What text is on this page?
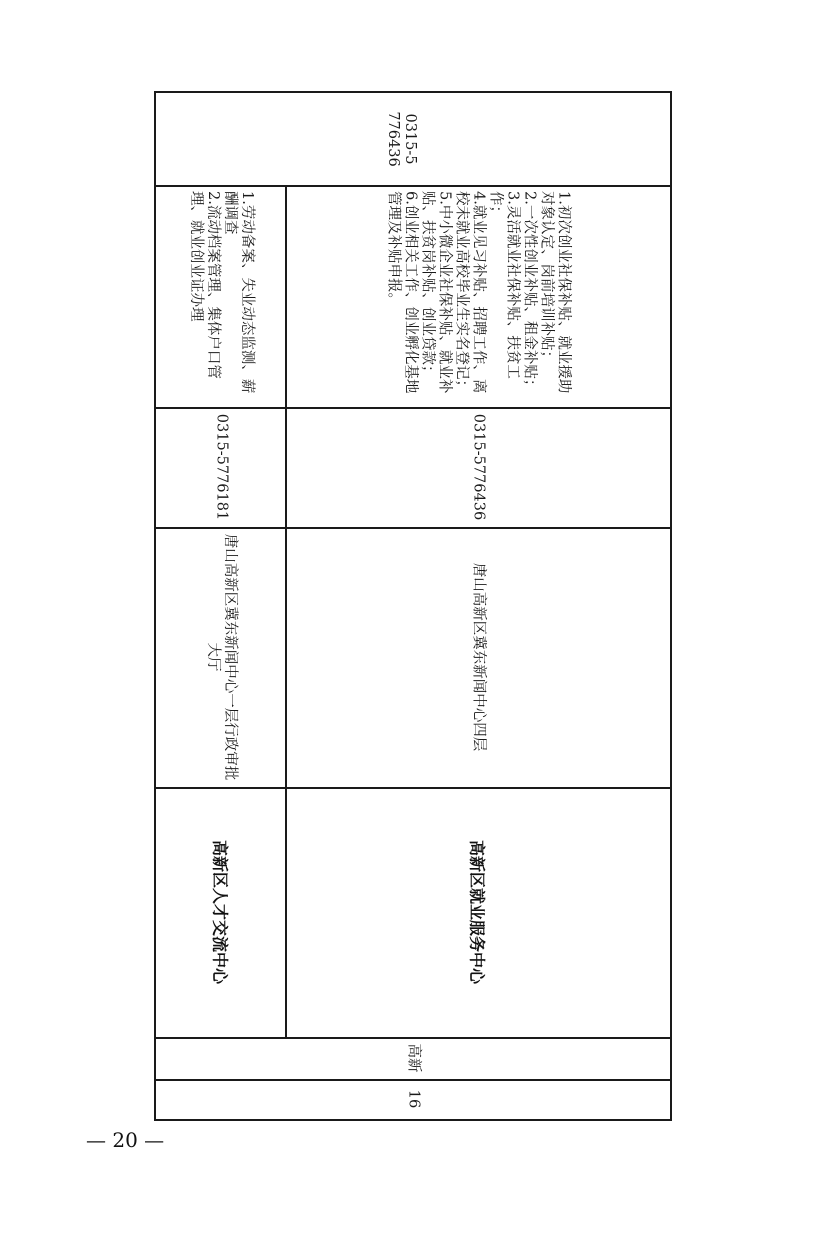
0315-5776436
1.劳动备案、失业动态监测、薪酬调查
2.流动档案管理、集体户口管理、就业创业证办理	1.初次创业社保补贴、就业援助对象认定、岗前培训补贴；
2.一次性创业补贴、租金补贴；
3.灵活就业社保补贴、扶贫工作；
4.就业见习补贴、招聘工作、离校未就业高校毕业生实名登记；
5.中小微企业社保补贴、就业补贴、扶贫岗补贴、创业贷款；
6.创业相关工作、创业孵化基地管理及补贴申报。
0315-5776181	0315-5776436
唐山高新区冀东新闻中心一层行政审批大厅	唐山高新区冀东新闻中心四层
高新区人才交流中心	高新区就业服务中心
高新
16
— 20 —
